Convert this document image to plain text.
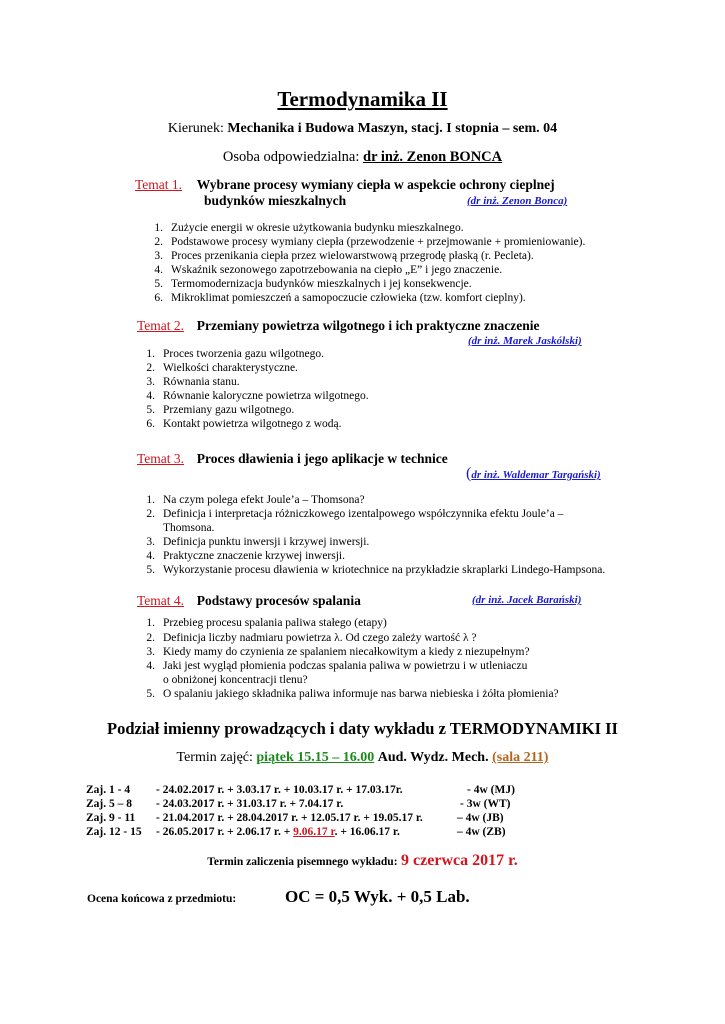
Termodynamika II
Kierunek: Mechanika i Budowa Maszyn, stacj. I stopnia – sem. 04
Osoba odpowiedzialna: dr inż. Zenon BONCA
Temat 1. Wybrane procesy wymiany ciepła w aspekcie ochrony cieplnej
budynków mieszkalnych	(dr inż. Zenon Bonca)
1. Zużycie energii w okresie użytkowania budynku mieszkalnego.
2. Podstawowe procesy wymiany ciepła (przewodzenie + przejmowanie + promieniowanie).
3. Proces przenikania ciepła przez wielowarstwową przegrodę płaską (r. Pecleta).
4. Wskaźnik sezonowego zapotrzebowania na ciepło „E” i jego znaczenie.
5. Termomodernizacja budynków mieszkalnych i jej konsekwencje.
6. Mikroklimat pomieszczeń a samopoczucie człowieka (tzw. komfort cieplny).
Temat 2. Przemiany powietrza wilgotnego i ich praktyczne znaczenie
(dr inż. Marek Jaskólski)
1. Proces tworzenia gazu wilgotnego.
2. Wielkości charakterystyczne.
3. Równania stanu.
4. Równanie kaloryczne powietrza wilgotnego.
5. Przemiany gazu wilgotnego.
6. Kontakt powietrza wilgotnego z wodą.
Temat 3. Proces dławienia i jego aplikacje w technice
(dr inż. Waldemar Targański)
1. Na czym polega efekt Joule’a – Thomsona?
2. Definicja i interpretacja różniczkowego izentalpowego współczynnika efektu Joule’a –
Thomsona.
3. Definicja punktu inwersji i krzywej inwersji.
4. Praktyczne znaczenie krzywej inwersji.
5. Wykorzystanie procesu dławienia w kriotechnice na przykładzie skraplarki Lindego-Hampsona.
Temat 4. Podstawy procesów spalania	(dr inż. Jacek Barański)
1. Przebieg procesu spalania paliwa stałego (etapy)
2. Definicja liczby nadmiaru powietrza λ. Od czego zależy wartość λ ?
3. Kiedy mamy do czynienia ze spalaniem niecałkowitym a kiedy z niezupełnym?
4. Jaki jest wygląd płomienia podczas spalania paliwa w powietrzu i w utleniaczu
o obniżonej koncentracji tlenu?
5. O spalaniu jakiego składnika paliwa informuje nas barwa niebieska i żółta płomienia?
Podział imienny prowadzących i daty wykładu z TERMODYNAMIKI II
Termin zajęć: piątek 15.15 – 16.00 Aud. Wydz. Mech. (sala 211)
Zaj. 1 - 4 - 24.02.2017 r. + 3.03.17 r. + 10.03.17 r. + 17.03.17r.	- 4w (MJ)
Zaj. 5 – 8 - 24.03.2017 r. + 31.03.17 r. + 7.04.17 r.	- 3w (WT)
Zaj. 9 - 11 - 21.04.2017 r. + 28.04.2017 r. + 12.05.17 r. + 19.05.17 r.	– 4w (JB)
Zaj. 12 - 15 - 26.05.2017 r. + 2.06.17 r. + 9.06.17 r. + 16.06.17 r.	– 4w (ZB)
Termin zaliczenia pisemnego wykładu: 9 czerwca 2017 r.
Ocena końcowa z przedmiotu:	OC = 0,5 Wyk. + 0,5 Lab.
